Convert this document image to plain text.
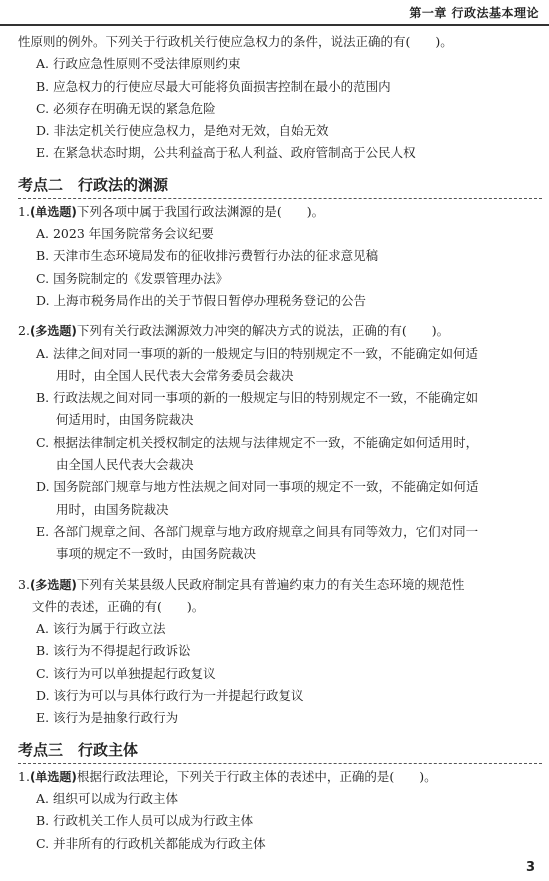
第一章 行政法基本理论
性原则的例外。下列关于行政机关行使应急权力的条件，说法正确的有(　　)。
A. 行政应急性原则不受法律原则约束
B. 应急权力的行使应尽最大可能将负面损害控制在最小的范围内
C. 必须存在明确无误的紧急危险
D. 非法定机关行使应急权力，是绝对无效，自始无效
E. 在紧急状态时期，公共利益高于私人利益、政府管制高于公民人权
考点二　行政法的渊源
1.(单选题)下列各项中属于我国行政法渊源的是(　　)。
A. 2023 年国务院常务会议纪要
B. 天津市生态环境局发布的征收排污费暂行办法的征求意见稿
C. 国务院制定的《发票管理办法》
D. 上海市税务局作出的关于节假日暂停办理税务登记的公告
2.(多选题)下列有关行政法渊源效力冲突的解决方式的说法，正确的有(　　)。
A. 法律之间对同一事项的新的一般规定与旧的特别规定不一致，不能确定如何适
用时，由全国人民代表大会常务委员会裁决
B. 行政法规之间对同一事项的新的一般规定与旧的特别规定不一致，不能确定如
何适用时，由国务院裁决
C. 根据法律制定机关授权制定的法规与法律规定不一致，不能确定如何适用时，
由全国人民代表大会裁决
D. 国务院部门规章与地方性法规之间对同一事项的规定不一致，不能确定如何适
用时，由国务院裁决
E. 各部门规章之间、各部门规章与地方政府规章之间具有同等效力，它们对同一
事项的规定不一致时，由国务院裁决
3.(多选题)下列有关某县级人民政府制定具有普遍约束力的有关生态环境的规范性
文件的表述，正确的有(　　)。
A. 该行为属于行政立法
B. 该行为不得提起行政诉讼
C. 该行为可以单独提起行政复议
D. 该行为可以与具体行政行为一并提起行政复议
E. 该行为是抽象行政行为
考点三　行政主体
1.(单选题)根据行政法理论，下列关于行政主体的表述中，正确的是(　　)。
A. 组织可以成为行政主体
B. 行政机关工作人员可以成为行政主体
C. 并非所有的行政机关都能成为行政主体
3
